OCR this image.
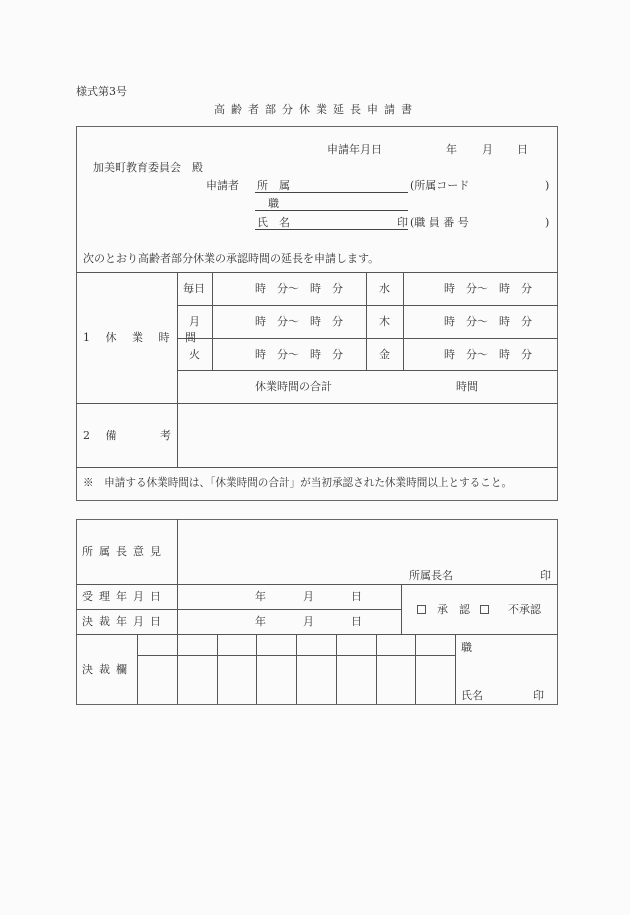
様式第3号
高齢者部分休業延長申請書
申請年月日	年 月 日
加美町教育委員会　殿
申請者 所　属	(所属コード	)
職
氏　名	印 (職 員 番 号	)
次のとおり高齢者部分休業の承認時間の延長を申請します。
1 休 業 時 間
毎日	時　分～　時　分	水	時　分～　時　分
月	時　分～　時　分	木	時　分～　時　分
火	時　分～　時　分	金	時　分～　時　分
休業時間の合計	時間
2 備	考
※　申請する休業時間は、「休業時間の合計」が当初承認された休業時間以上とすること。
所属長意見
所属長名	印
受理年月日	年	月	日
決裁年月日	年	月	日
承　認	不承認
決裁欄
職
氏名	印
